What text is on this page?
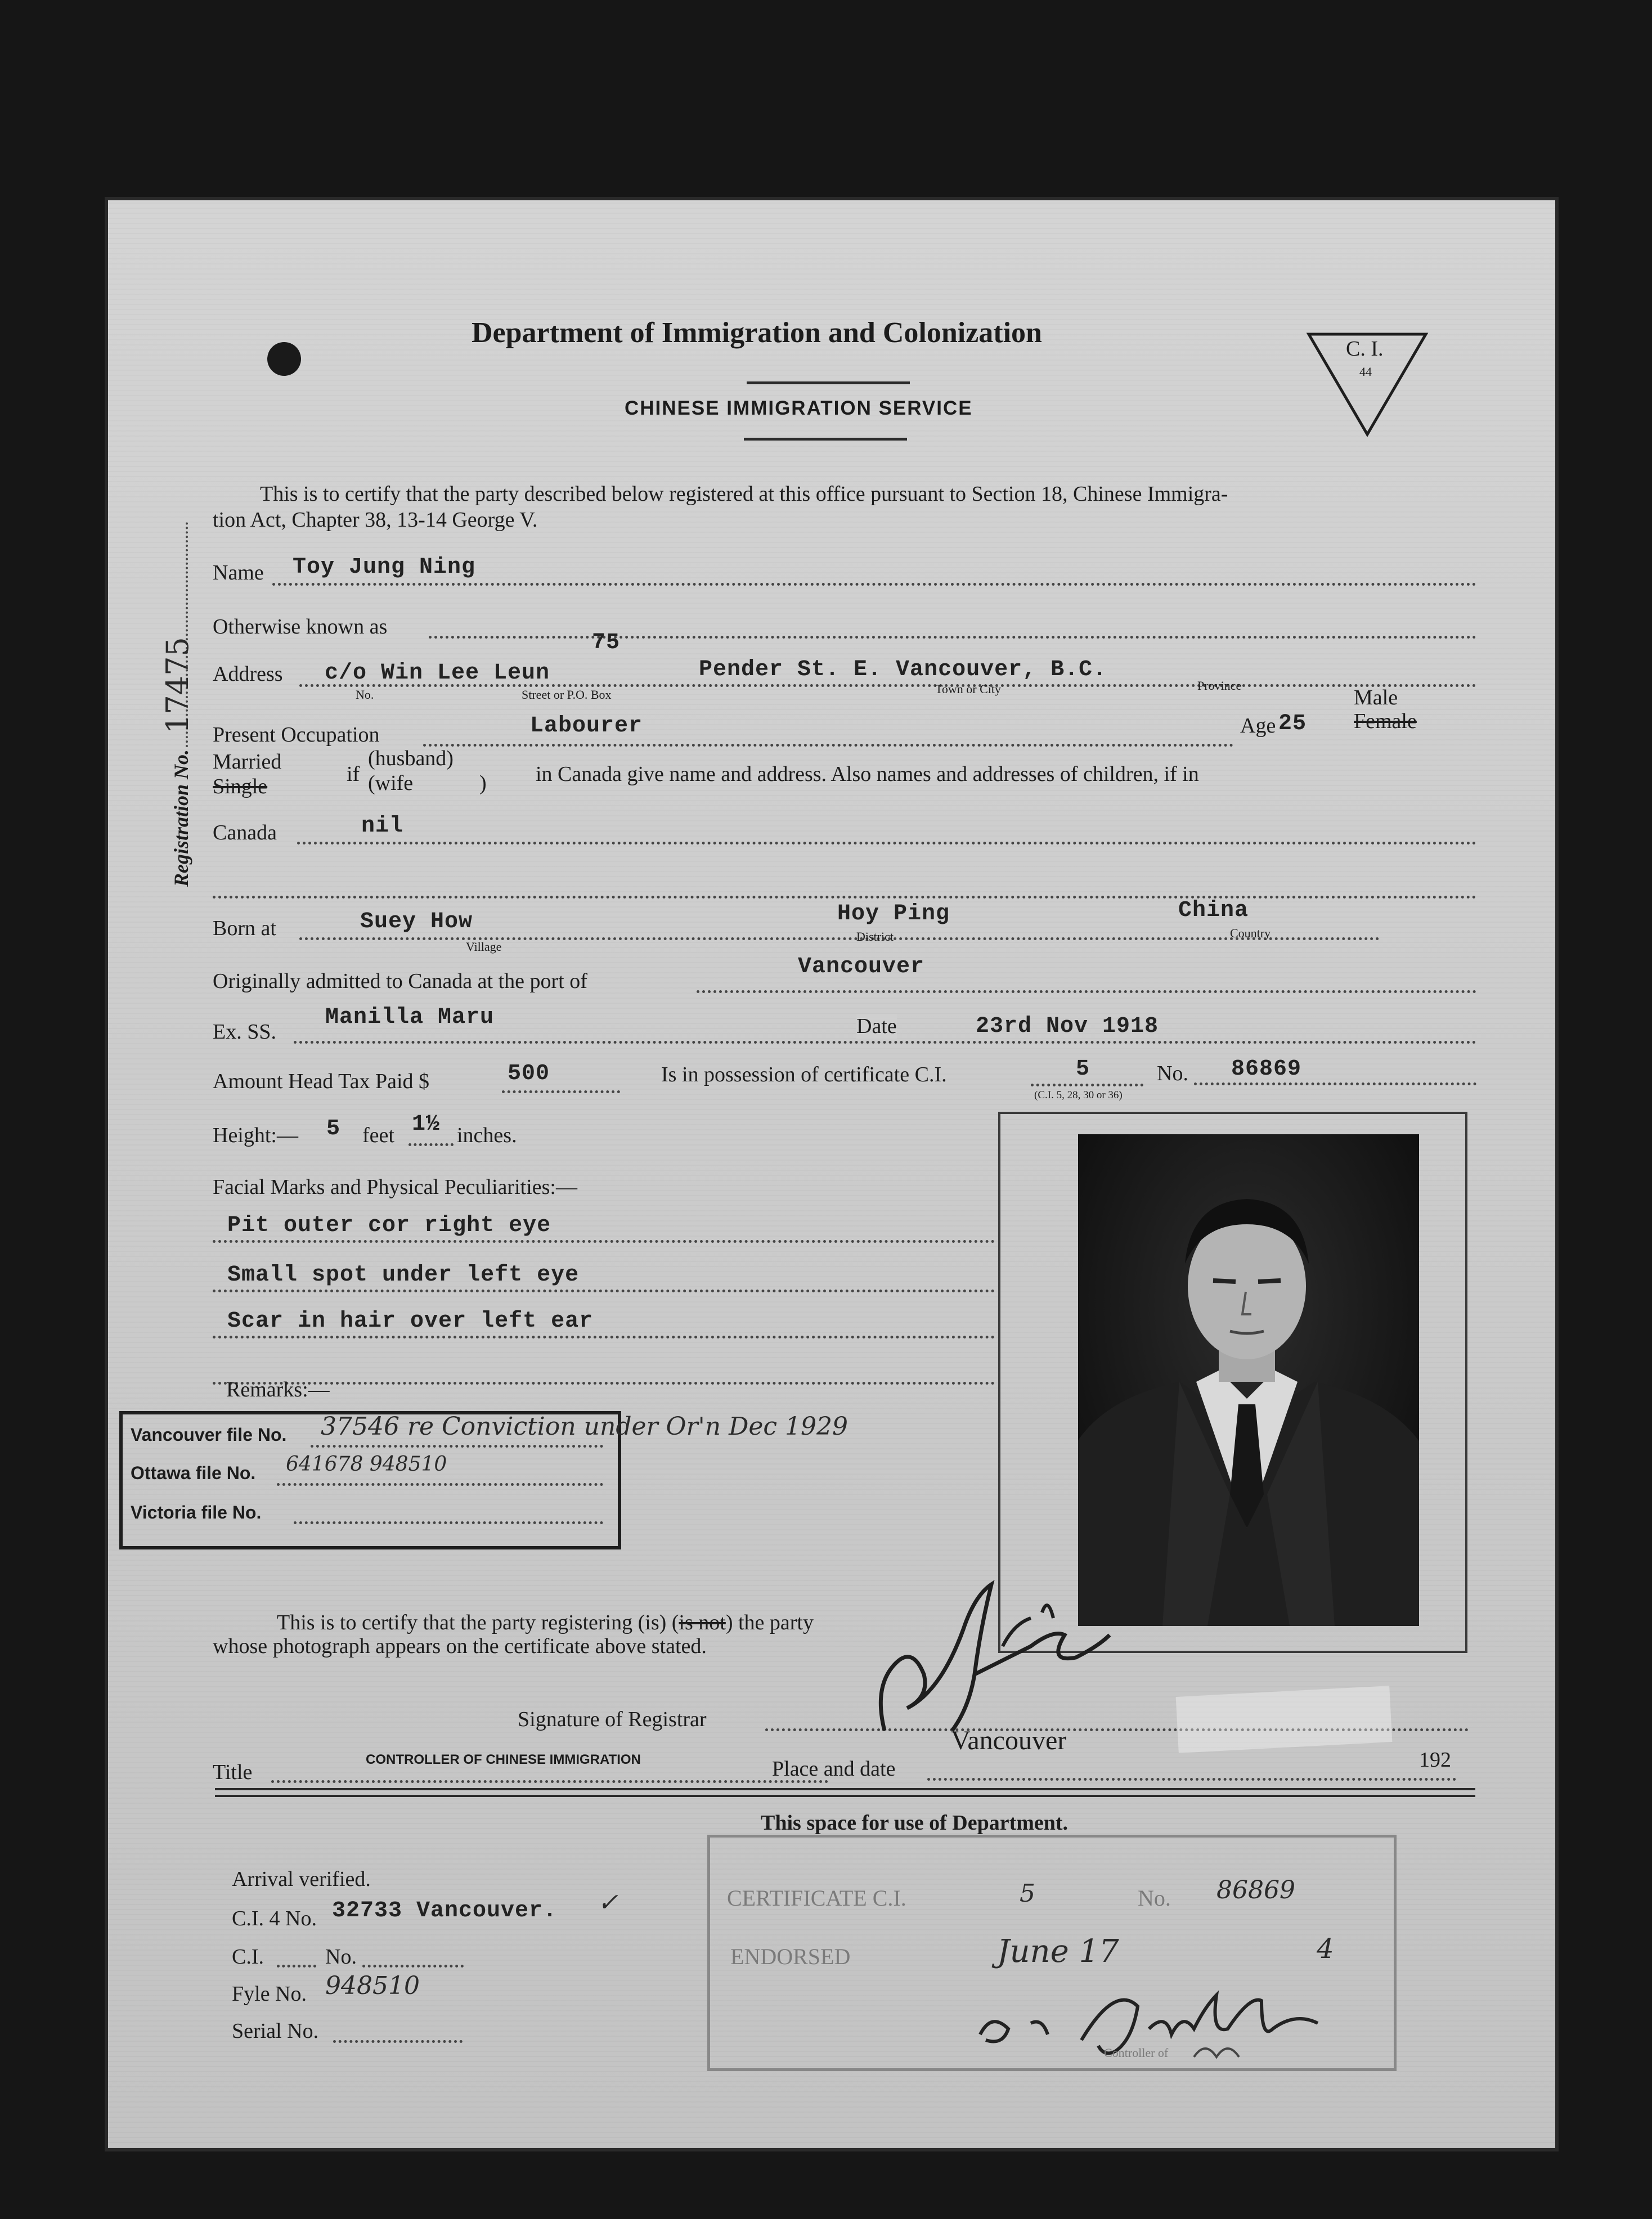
Department of Immigration and Colonization
CHINESE IMMIGRATION SERVICE
C. I.
44
Registration No.  17475
This is to certify that the party described below registered at this office pursuant to Section 18, Chinese Immigra-
tion Act, Chapter 38, 13-14 George V.
Name Toy Jung Ning
Otherwise known as
Address c/o Win Lee Leun
75
Pender St. E. Vancouver, B.C.
No.	Street or P.O. Box	Town or City	Province
Present Occupation	Labourer	Age 25
Male
Female
Married
Single
if
(husband)
(wife	) in Canada give name and address. Also names and addresses of children, if in
Canada	nil
Born at	Suey How	Hoy Ping	China
Village
District	Country
Originally admitted to Canada at the port of
Vancouver
Ex. SS.
Manilla Maru	Date	23rd Nov 1918
Amount Head Tax Paid $	500	Is in possession of certificate C.I.	5	No. 86869
(C.I. 5, 28, 30 or 36)
Height:— 5 feet 1½ inches.
Facial Marks and Physical Peculiarities:—
Pit outer cor right eye
Small spot under left eye
Scar in hair over left ear
Remarks:—
Vancouver file No. 37546 re Conviction under Or'n Dec 1929
Ottawa file No. 641678 948510
Victoria file No.
This is to certify that the party registering (is) (is not) the party
whose photograph appears on the certificate above stated.
Signature of Registrar
Title
CONTROLLER OF CHINESE IMMIGRATION	Place and date
Vancouver
192
This space for use of Department.
Arrival verified.
C.I. 4 No. 32733 Vancouver. ✓
C.I.	No.
Fyle No. 948510
Serial No.
CERTIFICATE C.I.	5	No. 86869
ENDORSED	June 17	4
Controller of
